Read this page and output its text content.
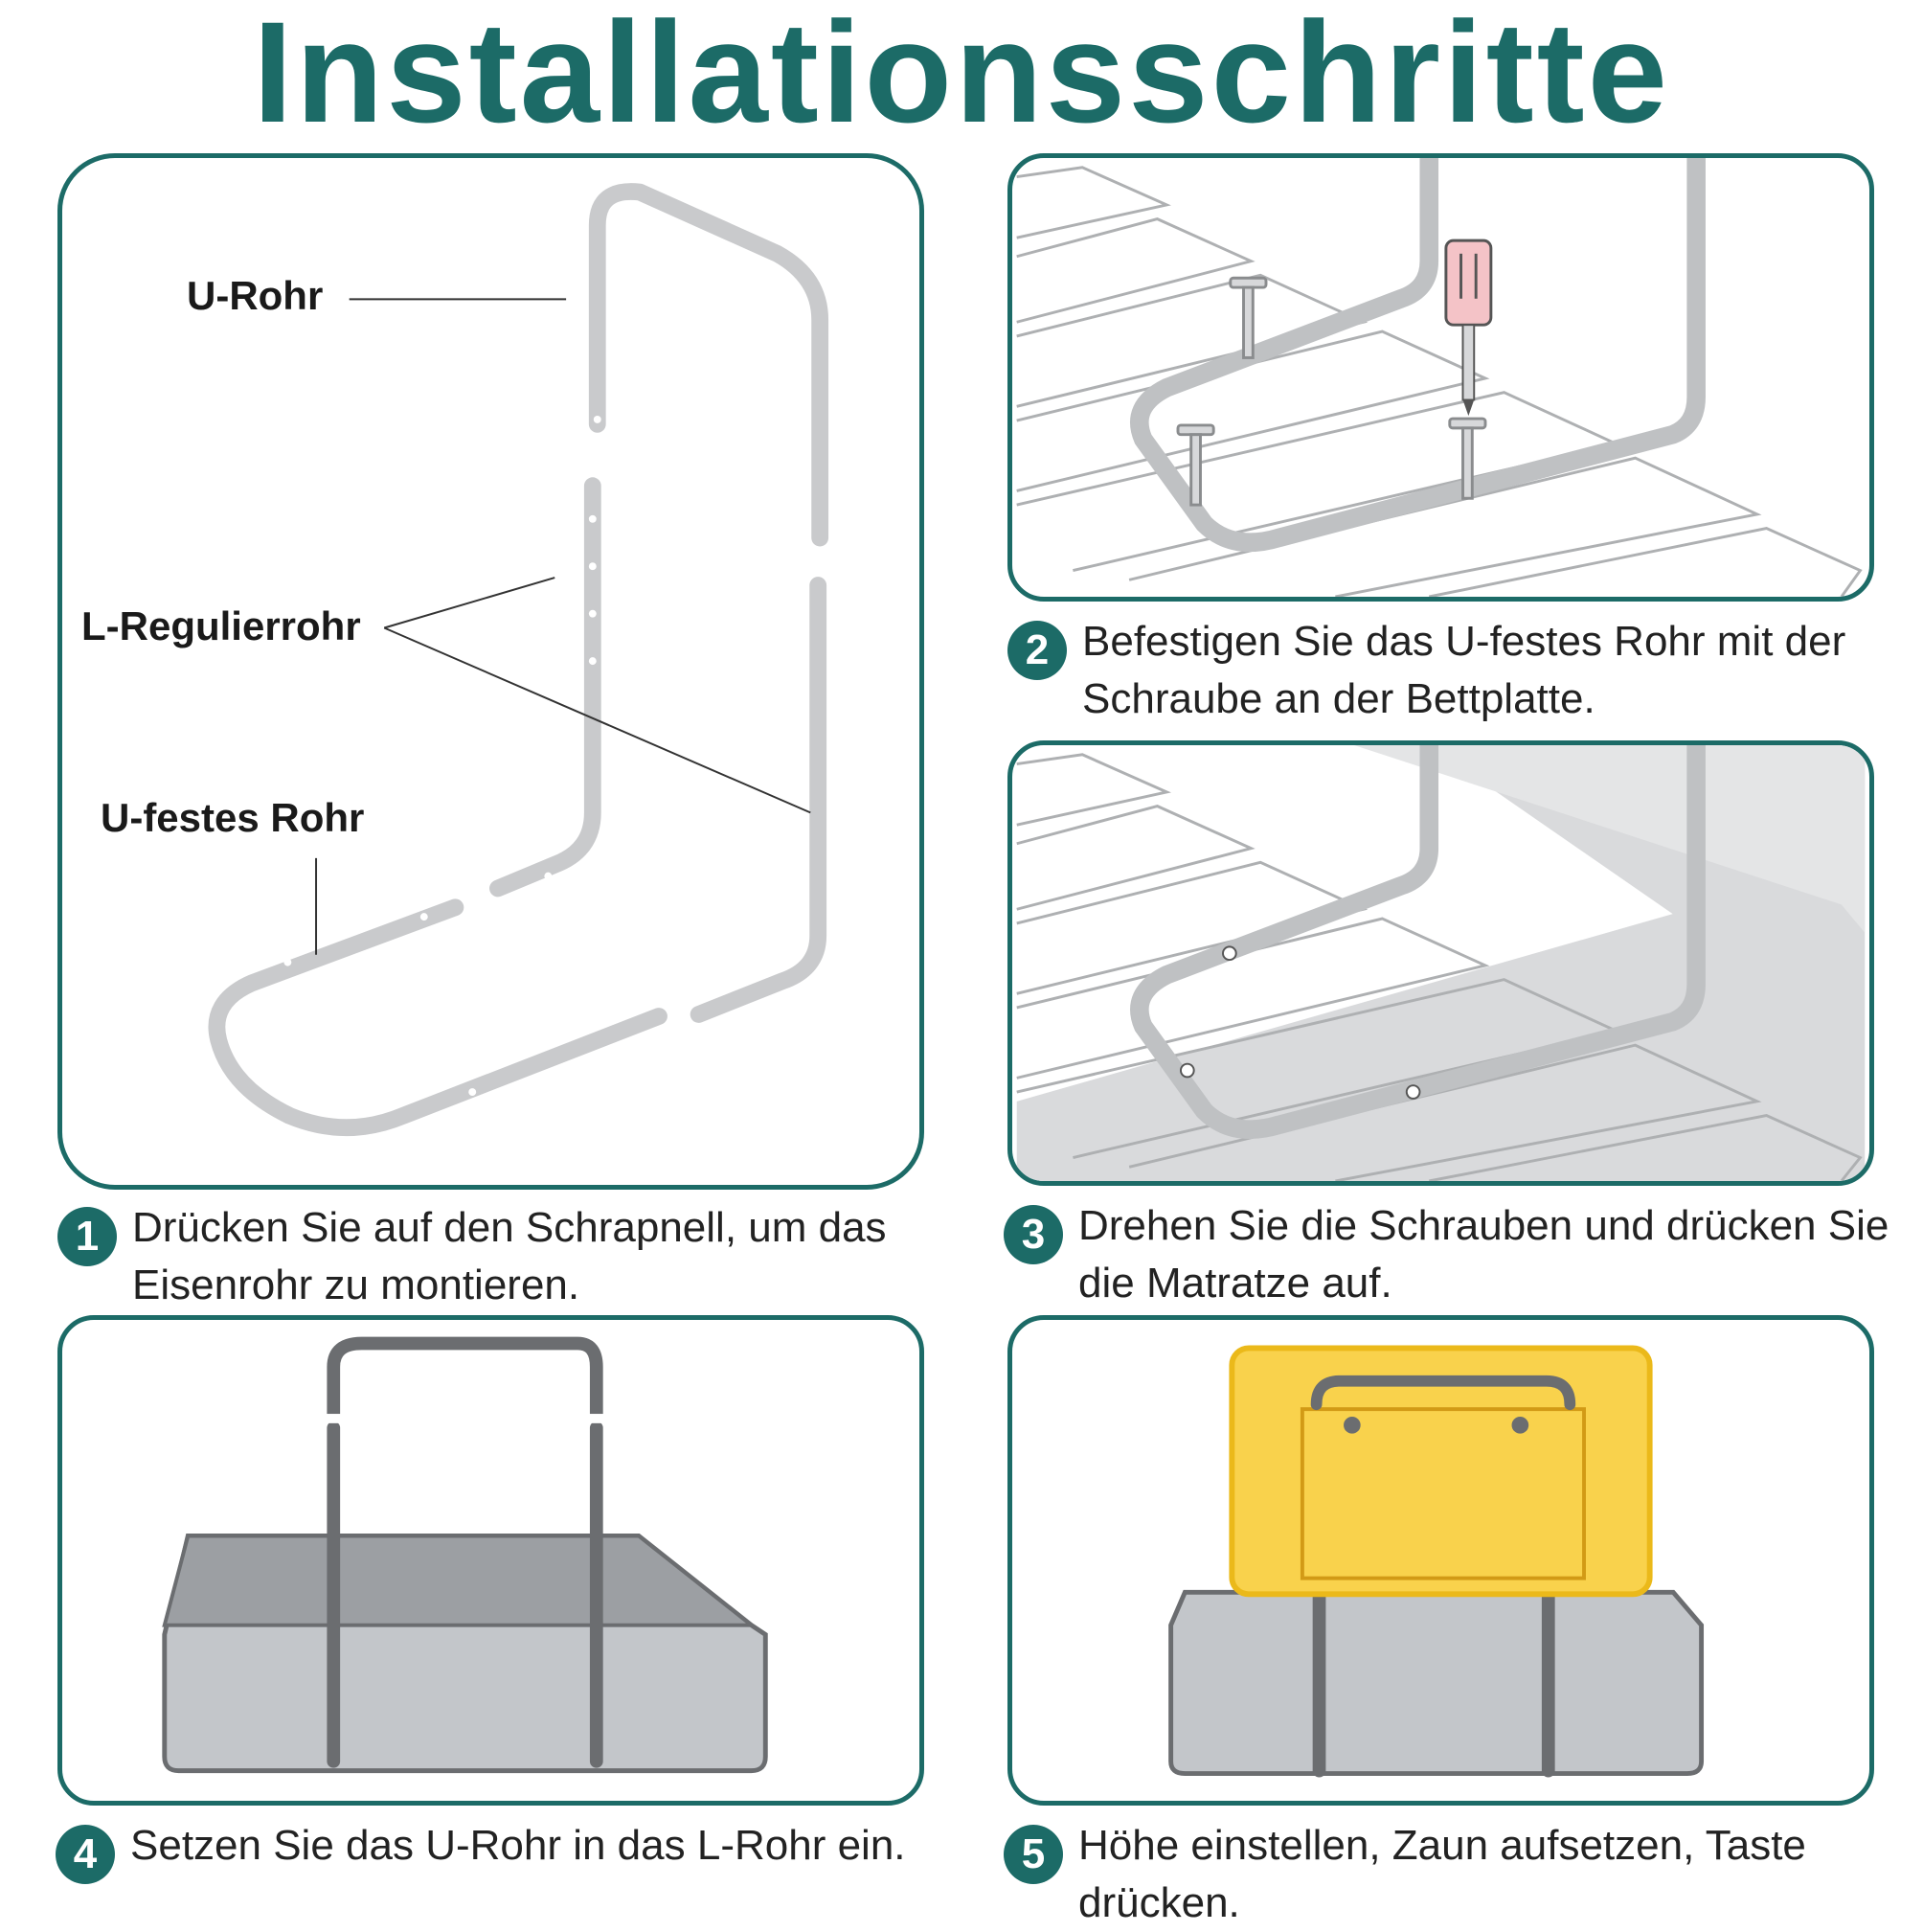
Installationsschritte
U-Rohr
L-Regulierrohr
U-festes Rohr
2 Befestigen Sie das U-festes Rohr mit der Schraube an der Bettplatte.
1 Drücken Sie auf den Schrapnell, um das Eisenrohr zu montieren.
3 Drehen Sie die Schrauben und drücken Sie die Matratze auf.
4 Setzen Sie das U-Rohr in das L-Rohr ein.	5 Höhe einstellen, Zaun aufsetzen, Taste drücken.
